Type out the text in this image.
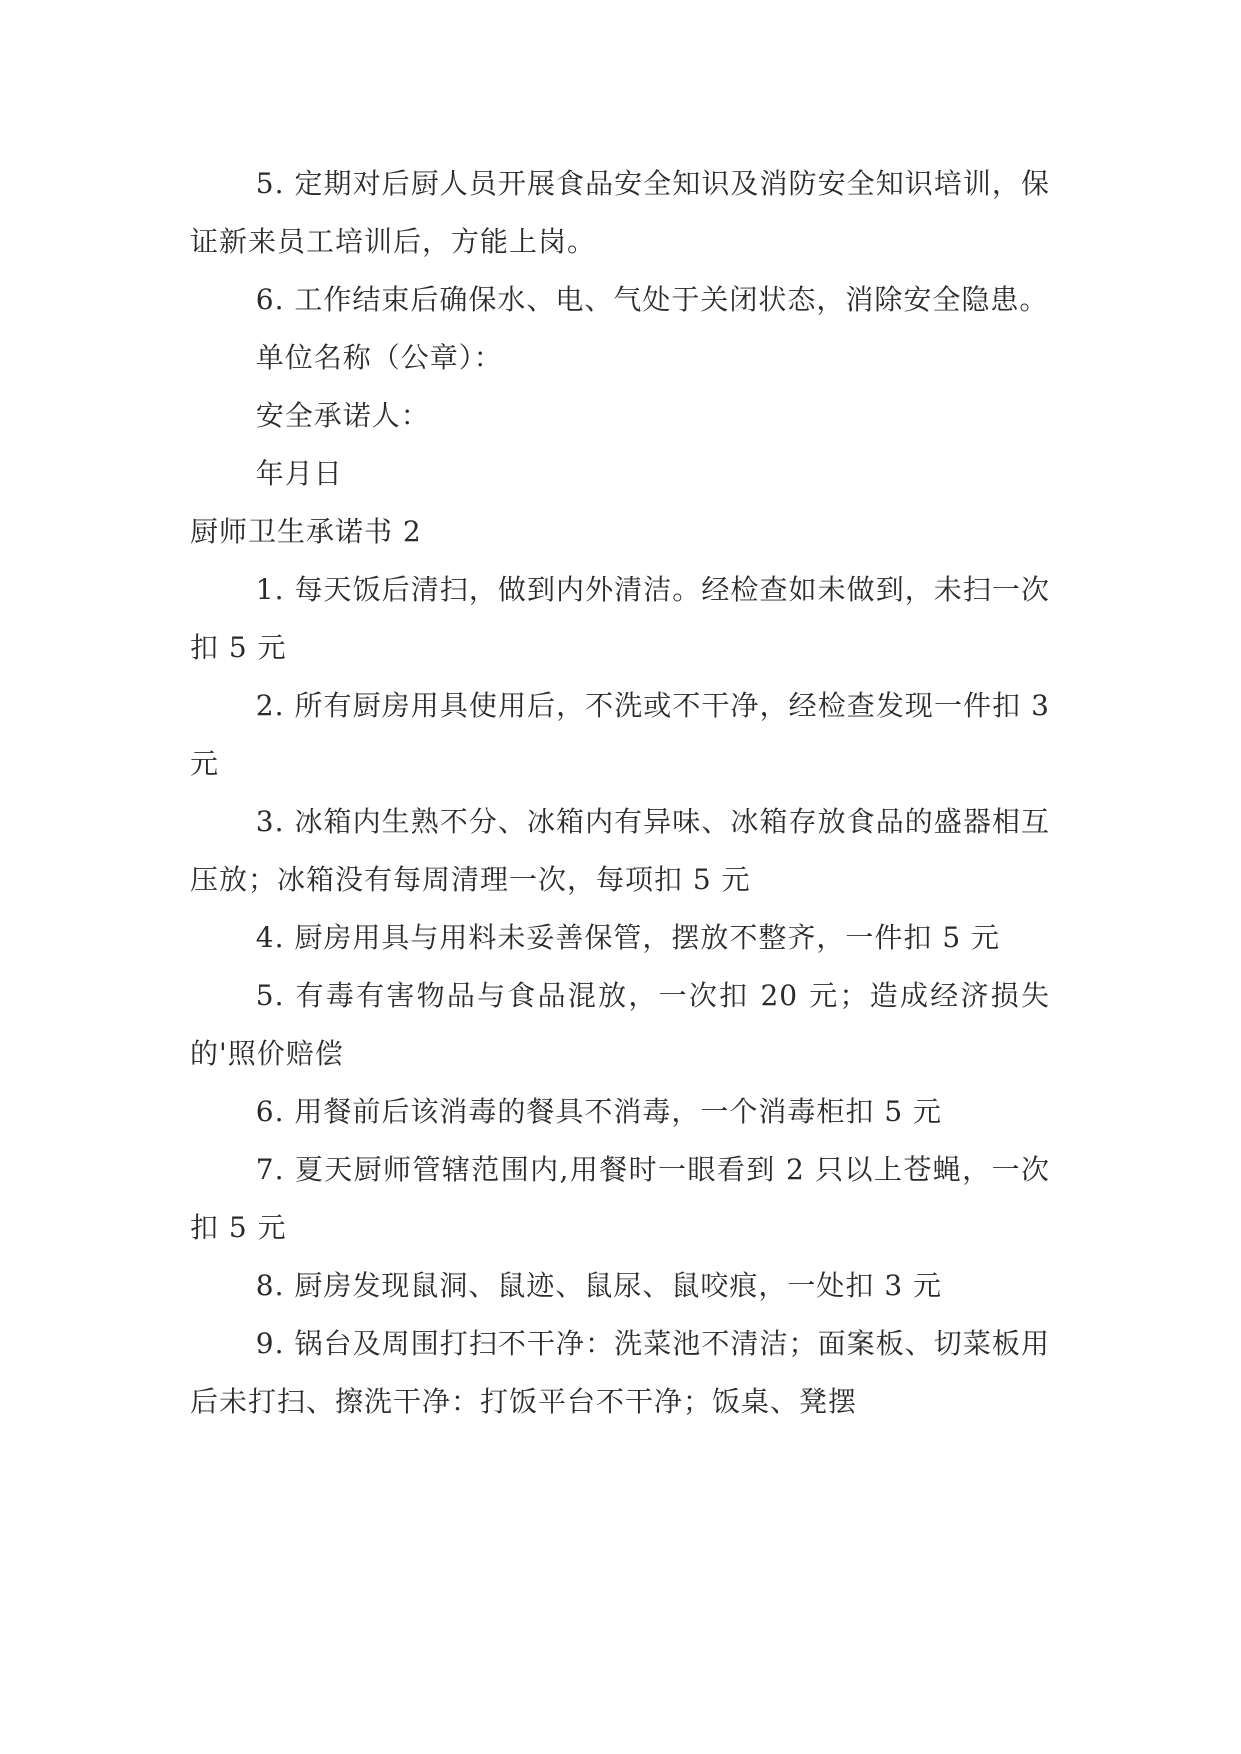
5. 定期对后厨人员开展食品安全知识及消防安全知识培训，保证新来员工培训后，方能上岗。

6. 工作结束后确保水、电、气处于关闭状态，消除安全隐患。

单位名称（公章）：

安全承诺人：

年月日

厨师卫生承诺书 2

1. 每天饭后清扫，做到内外清洁。经检查如未做到，未扫一次扣 5 元

2. 所有厨房用具使用后，不洗或不干净，经检查发现一件扣 3 元

3. 冰箱内生熟不分、冰箱内有异味、冰箱存放食品的盛器相互压放；冰箱没有每周清理一次，每项扣 5 元

4. 厨房用具与用料未妥善保管，摆放不整齐，一件扣 5 元

5. 有毒有害物品与食品混放，一次扣 20 元；造成经济损失的'照价赔偿

6. 用餐前后该消毒的餐具不消毒，一个消毒柜扣 5 元

7. 夏天厨师管辖范围内,用餐时一眼看到 2 只以上苍蝇，一次扣 5 元

8. 厨房发现鼠洞、鼠迹、鼠尿、鼠咬痕，一处扣 3 元

9. 锅台及周围打扫不干净：洗菜池不清洁；面案板、切菜板用后未打扫、擦洗干净：打饭平台不干净；饭桌、凳摆
